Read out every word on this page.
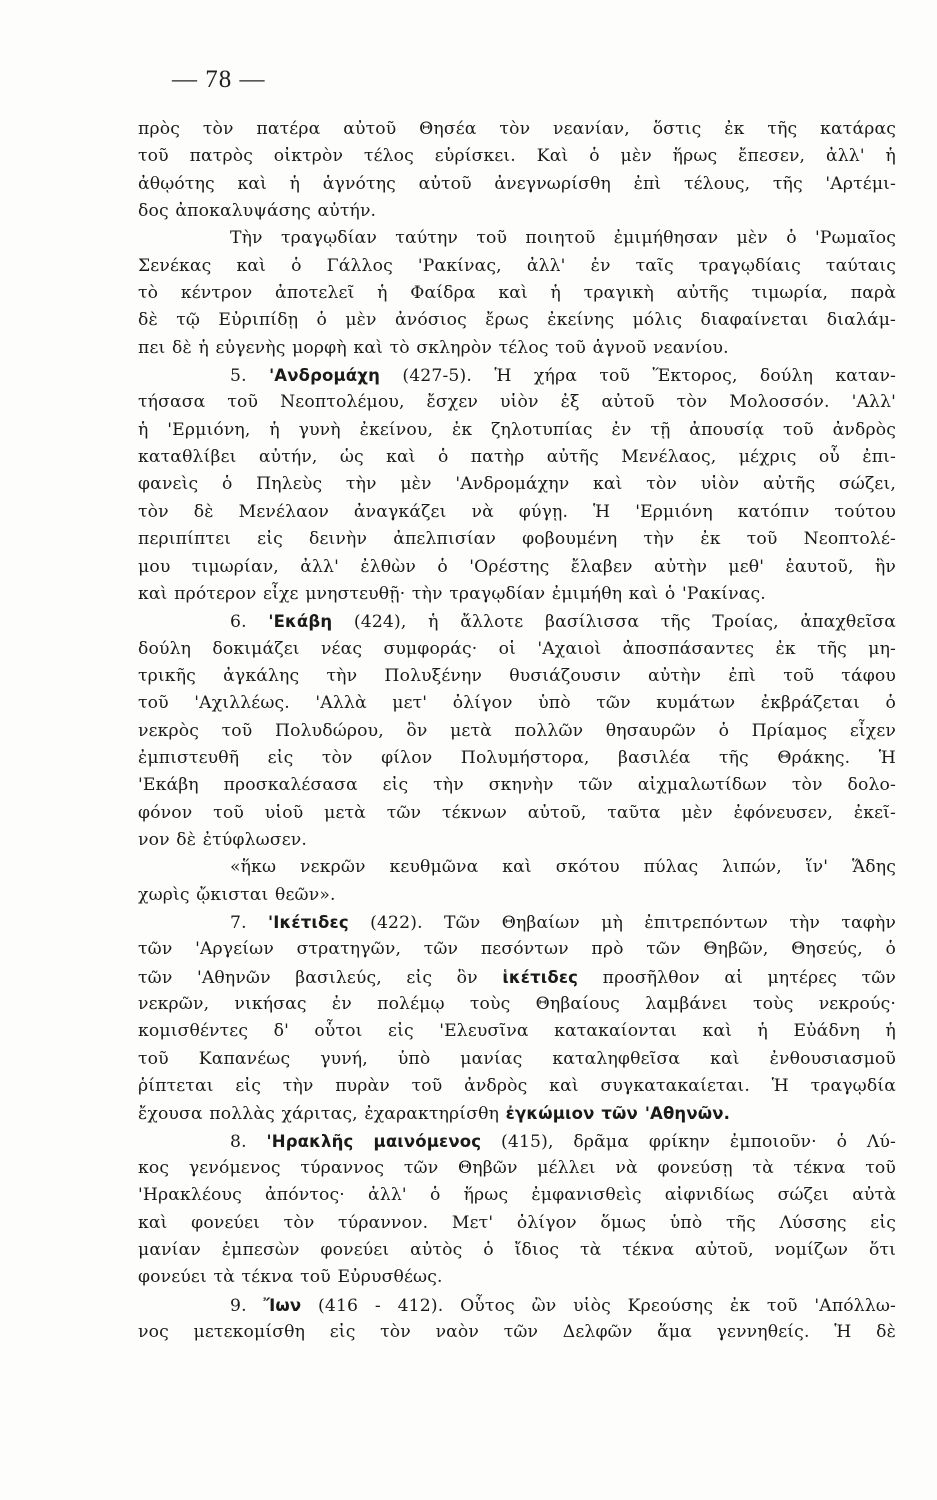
— 78 —
πρὸς τὸν πατέρα αὐτοῦ Θησέα τὸν νεανίαν, ὅστις ἐκ τῆς κατάρας
τοῦ πατρὸς οἰκτρὸν τέλος εὑρίσκει. Καὶ ὁ μὲν ἥρως ἔπεσεν, ἀλλ' ἡ
ἀθῳότης καὶ ἡ ἁγνότης αὐτοῦ ἀνεγνωρίσθη ἐπὶ τέλους, τῆς 'Αρτέμι-
δος ἀποκαλυψάσης αὐτήν.
Τὴν τραγῳδίαν ταύτην τοῦ ποιητοῦ ἐμιμήθησαν μὲν ὁ 'Ρωμαῖος
Σενέκας καὶ ὁ Γάλλος 'Ρακίνας, ἀλλ' ἐν ταῖς τραγῳδίαις ταύταις
τὸ κέντρον ἀποτελεῖ ἡ Φαίδρα καὶ ἡ τραγικὴ αὐτῆς τιμωρία, παρὰ
δὲ τῷ Εὐριπίδῃ ὁ μὲν ἀνόσιος ἔρως ἐκείνης μόλις διαφαίνεται διαλάμ-
πει δὲ ἡ εὐγενὴς μορφὴ καὶ τὸ σκληρὸν τέλος τοῦ ἁγνοῦ νεανίου.
5. 'Ανδρομάχη (427-5). Ἡ χήρα τοῦ Ἕκτορος, δούλη καταν-
τήσασα τοῦ Νεοπτολέμου, ἔσχεν υἱὸν ἐξ αὐτοῦ τὸν Μολοσσόν. 'Αλλ'
ἡ 'Ερμιόνη, ἡ γυνὴ ἐκείνου, ἐκ ζηλοτυπίας ἐν τῇ ἀπουσίᾳ τοῦ ἀνδρὸς
καταθλίβει αὐτήν, ὡς καὶ ὁ πατὴρ αὐτῆς Μενέλαος, μέχρις οὗ ἐπι-
φανεὶς ὁ Πηλεὺς τὴν μὲν 'Ανδρομάχην καὶ τὸν υἱὸν αὐτῆς σώζει,
τὸν δὲ Μενέλαον ἀναγκάζει νὰ φύγῃ. Ἡ 'Ερμιόνη κατόπιν τούτου
περιπίπτει εἰς δεινὴν ἀπελπισίαν φοβουμένη τὴν ἐκ τοῦ Νεοπτολέ-
μου τιμωρίαν, ἀλλ' ἐλθὼν ὁ 'Ορέστης ἔλαβεν αὐτὴν μεθ' ἑαυτοῦ, ἣν
καὶ πρότερον εἶχε μνηστευθῇ· τὴν τραγῳδίαν ἐμιμήθη καὶ ὁ 'Ρακίνας.
6. 'Εκάβη (424), ἡ ἄλλοτε βασίλισσα τῆς Τροίας, ἀπαχθεῖσα
δούλη δοκιμάζει νέας συμφοράς· οἱ 'Αχαιοὶ ἀποσπάσαντες ἐκ τῆς μη-
τρικῆς ἀγκάλης τὴν Πολυξένην θυσιάζουσιν αὐτὴν ἐπὶ τοῦ τάφου
τοῦ 'Αχιλλέως. 'Αλλὰ μετ' ὀλίγον ὑπὸ τῶν κυμάτων ἐκβράζεται ὁ
νεκρὸς τοῦ Πολυδώρου, ὃν μετὰ πολλῶν θησαυρῶν ὁ Πρίαμος εἶχεν
ἐμπιστευθῆ εἰς τὸν φίλον Πολυμήστορα, βασιλέα τῆς Θράκης. Ἡ
'Εκάβη προσκαλέσασα εἰς τὴν σκηνὴν τῶν αἰχμαλωτίδων τὸν δολο-
φόνον τοῦ υἱοῦ μετὰ τῶν τέκνων αὐτοῦ, ταῦτα μὲν ἐφόνευσεν, ἐκεῖ-
νον δὲ ἐτύφλωσεν.
«ἥκω νεκρῶν κευθμῶνα καὶ σκότου πύλας λιπών, ἵν' Ἅδης
χωρὶς ᾤκισται θεῶν».
7. 'Ικέτιδες (422). Τῶν Θηβαίων μὴ ἐπιτρεπόντων τὴν ταφὴν
τῶν 'Αργείων στρατηγῶν, τῶν πεσόντων πρὸ τῶν Θηβῶν, Θησεύς, ὁ
τῶν 'Αθηνῶν βασιλεύς, εἰς ὃν ἱκέτιδες προσῆλθον αἱ μητέρες τῶν
νεκρῶν, νικήσας ἐν πολέμῳ τοὺς Θηβαίους λαμβάνει τοὺς νεκρούς·
κομισθέντες δ' οὗτοι εἰς 'Ελευσῖνα κατακαίονται καὶ ἡ Εὐάδνη ἡ
τοῦ Καπανέως γυνή, ὑπὸ μανίας καταληφθεῖσα καὶ ἐνθουσιασμοῦ
ῥίπτεται εἰς τὴν πυρὰν τοῦ ἀνδρὸς καὶ συγκατακαίεται. Ἡ τραγῳδία
ἔχουσα πολλὰς χάριτας, ἐχαρακτηρίσθη ἐγκώμιον τῶν 'Αθηνῶν.
8. 'Ηρακλῆς μαινόμενος (415), δρᾶμα φρίκην ἐμποιοῦν· ὁ Λύ-
κος γενόμενος τύραννος τῶν Θηβῶν μέλλει νὰ φονεύσῃ τὰ τέκνα τοῦ
'Ηρακλέους ἀπόντος· ἀλλ' ὁ ἥρως ἐμφανισθεὶς αἰφνιδίως σώζει αὐτὰ
καὶ φονεύει τὸν τύραννον. Μετ' ὀλίγον ὅμως ὑπὸ τῆς Λύσσης εἰς
μανίαν ἐμπεσὼν φονεύει αὐτὸς ὁ ἴδιος τὰ τέκνα αὐτοῦ, νομίζων ὅτι
φονεύει τὰ τέκνα τοῦ Εὐρυσθέως.
9. Ἴων (416 - 412). Οὗτος ὢν υἱὸς Κρεούσης ἐκ τοῦ 'Απόλλω-
νος μετεκομίσθη εἰς τὸν ναὸν τῶν Δελφῶν ἅμα γεννηθείς. Ἡ δὲ
